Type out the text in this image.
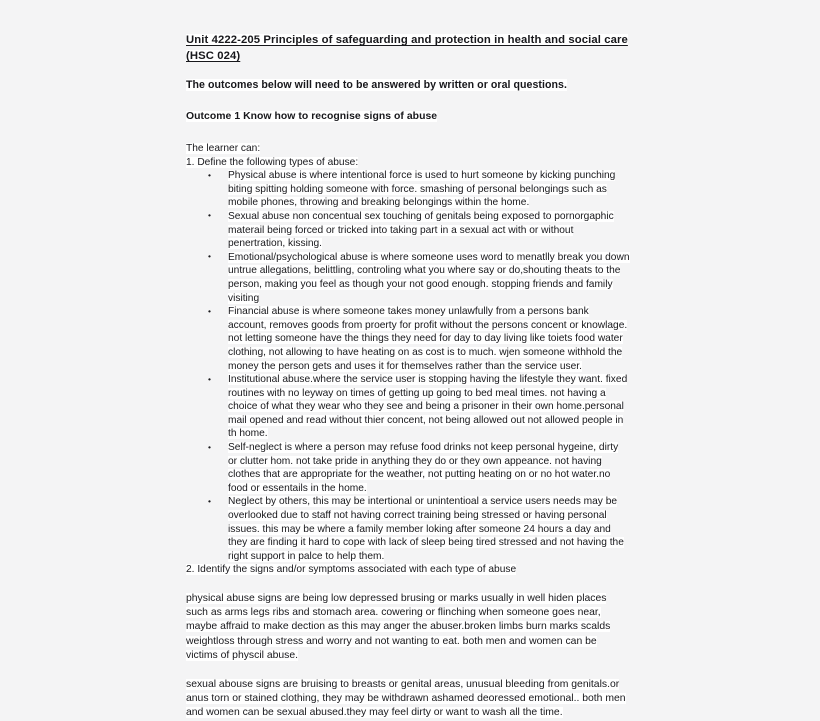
Unit 4222-205 Principles of safeguarding and protection in health and social care (HSC 024)

The outcomes below will need to be answered by written or oral questions.

Outcome 1 Know how to recognise signs of abuse

The learner can:

1. Define the following types of abuse:

• Physical abuse is where intentional force is used to hurt someone by kicking punching biting spitting holding someone with force. smashing of personal belongings such as mobile phones, throwing and breaking belongings within the home.
• Sexual abuse non concentual sex touching of genitals being exposed to pornorgaphic materail being forced or tricked into taking part in a sexual act with or without penertration, kissing.
• Emotional/psychological abuse is where someone uses word to menatlly break you down untrue allegations, belittling, controling what you where say or do,shouting theats to the person, making you feel as though your not good enough. stopping friends and family visiting
• Financial abuse is where someone takes money unlawfully from a persons bank account, removes goods from proerty for profit without the persons concent or knowlage. not letting someone have the things they need for day to day living like toiets food water clothing, not allowing to have heating on as cost is to much. wjen someone withhold the money the person gets and uses it for themselves rather than the service user.
• Institutional abuse.where the service user is stopping having the lifestyle they want. fixed routines with no leyway on times of getting up going to bed meal times. not having a choice of what they wear who they see and being a prisoner in their own home.personal mail opened and read without thier concent, not being allowed out not allowed people in th home.
• Self-neglect is where a person may refuse food drinks not keep personal hygeine, dirty or clutter hom. not take pride in anything they do or they own appeance. not having clothes that are appropriate for the weather, not putting heating on or no hot water.no food or essentails in the home.
• Neglect by others, this may be intertional or unintentioal a service users needs may be overlooked due to staff not having correct training being stressed or having personal issues. this may be where a family member loking after someone 24 hours a day and they are finding it hard to cope with lack of sleep being tired stressed and not having the right support in palce to help them.

2. Identify the signs and/or symptoms associated with each type of abuse

physical abuse signs are being low depressed brusing or marks usually in well hiden places such as arms legs ribs and stomach area. cowering or flinching when someone goes near, maybe affraid to make dection as this may anger the abuser.broken limbs burn marks scalds weightloss through stress and worry and not wanting to eat. both men and women can be victims of physcil abuse.

sexual abouse signs are bruising to breasts or genital areas, unusual bleeding from genitals.or anus torn or stained clothing, they may be withdrawn ashamed deoressed emotional.. both men and women can be sexual abused.they may feel dirty or want to wash all the time.
